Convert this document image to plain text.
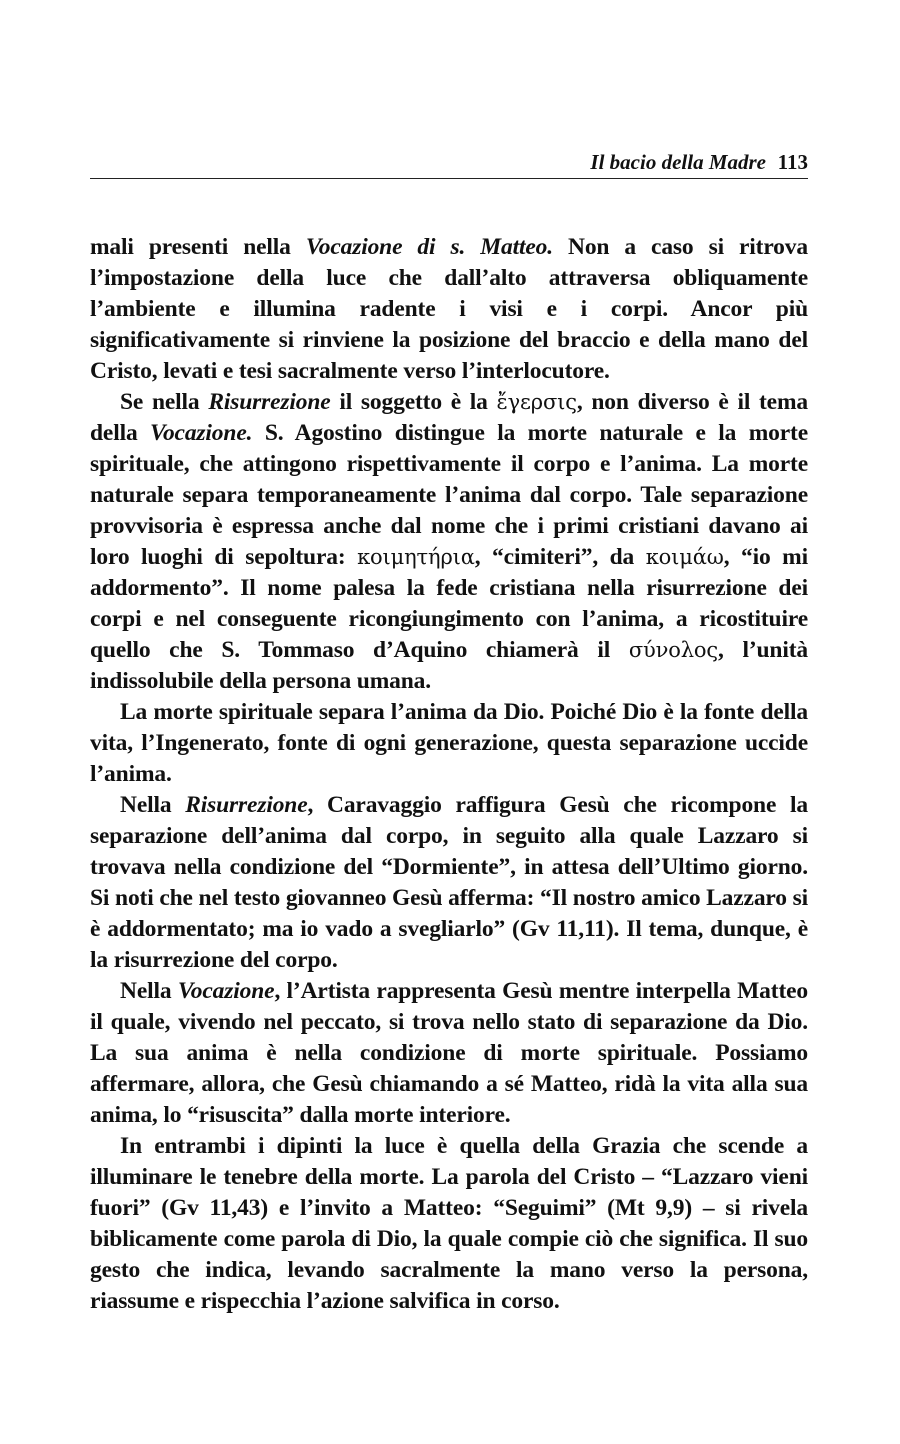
Il bacio della Madre 113

mali presenti nella Vocazione di s. Matteo. Non a caso si ritrova l’impostazione della luce che dall’alto attraversa obliquamente l’ambiente e illumina radente i visi e i corpi. Ancor più significativamente si rinviene la posizione del braccio e della mano del Cristo, levati e tesi sacralmente verso l’interlocutore.

Se nella Risurrezione il soggetto è la ἔγερσις, non diverso è il tema della Vocazione. S. Agostino distingue la morte naturale e la morte spirituale, che attingono rispettivamente il corpo e l’anima. La morte naturale separa temporaneamente l’anima dal corpo. Tale separazione provvisoria è espressa anche dal nome che i primi cristiani davano ai loro luoghi di sepoltura: κοιμητήρια, “cimiteri”, da κοιμάω, “io mi addormento”. Il nome palesa la fede cristiana nella risurrezione dei corpi e nel conseguente ricongiungimento con l’anima, a ricostituire quello che S. Tommaso d’Aquino chiamerà il σύνολος, l’unità indissolubile della persona umana.

La morte spirituale separa l’anima da Dio. Poiché Dio è la fonte della vita, l’Ingenerato, fonte di ogni generazione, questa separazione uccide l’anima.

Nella Risurrezione, Caravaggio raffigura Gesù che ricompone la separazione dell’anima dal corpo, in seguito alla quale Lazzaro si trovava nella condizione del “Dormiente”, in attesa dell’Ultimo giorno. Si noti che nel testo giovanneo Gesù afferma: “Il nostro amico Lazzaro si è addormentato; ma io vado a svegliarlo” (Gv 11,11). Il tema, dunque, è la risurrezione del corpo.

Nella Vocazione, l’Artista rappresenta Gesù mentre interpella Matteo il quale, vivendo nel peccato, si trova nello stato di separazione da Dio. La sua anima è nella condizione di morte spirituale. Possiamo affermare, allora, che Gesù chiamando a sé Matteo, ridà la vita alla sua anima, lo “risuscita” dalla morte interiore.

In entrambi i dipinti la luce è quella della Grazia che scende a illuminare le tenebre della morte. La parola del Cristo – “Lazzaro vieni fuori” (Gv 11,43) e l’invito a Matteo: “Seguimi” (Mt 9,9) – si rivela biblicamente come parola di Dio, la quale compie ciò che significa. Il suo gesto che indica, levando sacralmente la mano verso la persona, riassume e rispecchia l’azione salvifica in corso.
